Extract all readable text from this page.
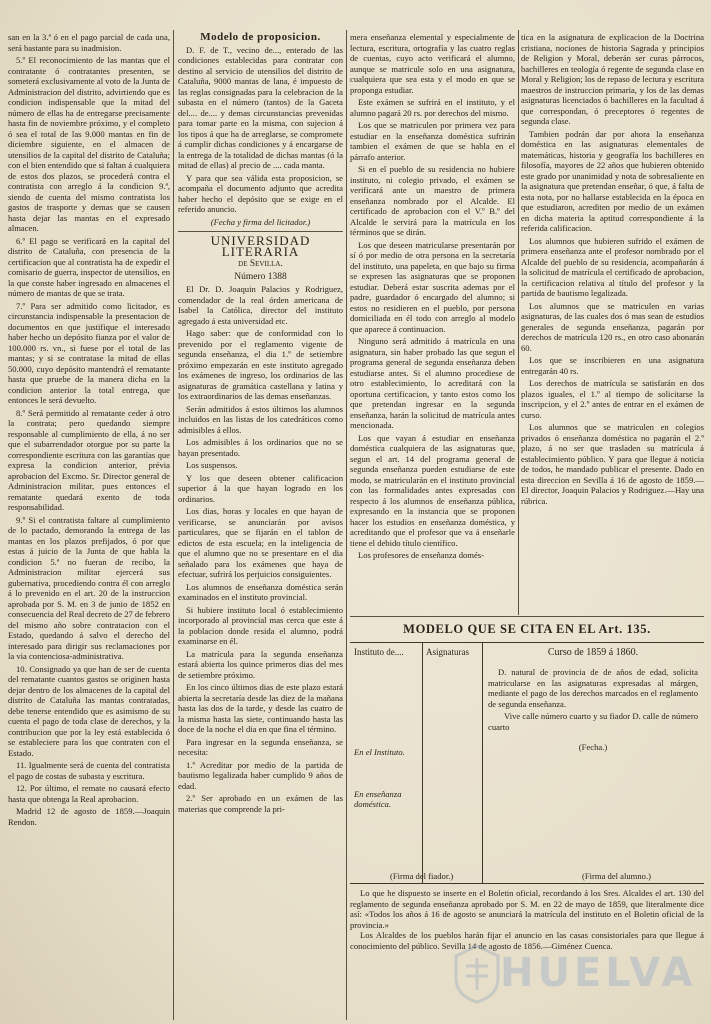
san en la 3.ª ó en el pago parcial de cada una, será bastante para su inadmision.

5.º El reconocimiento de las mantas que el contratante ó contratantes presenten, se someterá exclusivamente al voto de la Junta de Administracion del distrito, advirtiendo que es condicion indispensable que la mitad del número de ellas ha de entregarse precisamente hasta fin de noviembre próximo, y el completo ó sea el total de las 9.000 mantas en fin de diciembre siguiente, en el almacen de utensilios de la capital del distrito de Cataluña; con el bien entendido que si faltan á cualquiera de estos dos plazos, se procederá contra el contratista con arreglo á la condicion 9.ª, siendo de cuenta del mismo contratista los gastos de trasporte y demas que se causen hasta dejar las mantas en el expresado almacen.

6.º El pago se verificará en la capital del distrito de Cataluña, con presencia de la certificacion que al contratista ha de expedir el comisario de guerra, inspector de utensilios, en la que conste haber ingresado en almacenes el número de mantas de que se trata.

7.º Para ser admitido como licitador, es circunstancia indispensable la presentacion de documentos en que justifique el interesado haber hecho un depósito fianza por el valor de 100.000 rs. vn., si fuese por el total de las mantas; y si se contratase la mitad de ellas 50.000, cuyo depósito mantendrá el rematante hasta que pruebe de la manera dicha en la condicion anterior la total entrega, que entonces le será devuelto.

8.º Será permitido al rematante ceder á otro la contrata; pero quedando siempre responsable al cumplimiento de ella, á no ser que el subarrendador otorgue por su parte la correspondiente escritura con las garantías que expresa la condicion anterior, prévia aprobacion del Excmo. Sr. Director general de Administracion militar, pues entonces el rematante quedará exento de toda responsabilidad.

9.º Si el contratista faltare al cumplimiento de lo pactado, demorando la entrega de las mantas en los plazos prefijados, ó por que estas á juicio de la Junta de que habla la condicion 5.ª no fueran de recibo, la Administracion militar ejercerá sus gubernativa, procediendo contra él con arreglo á lo prevenido en el art. 20 de la instruccion aprobada por S. M. en 3 de junio de 1852 en consecuencia del Real decreto de 27 de febrero del mismo año sobre contratacion con el Estado, quedando á salvo el derecho del interesado para dirigir sus reclamaciones por la via contenciosa-administrativa.

10. Consignado ya que han de ser de cuenta del rematante cuantos gastos se originen hasta dejar dentro de los almacenes de la capital del distrito de Cataluña las mantas contratadas, debe tenerse entendido que es asimismo de su cuenta el pago de toda clase de derechos, y la contribucion que por la ley está establecida ó se estableciere para los que contraten con el Estado.

11. Igualmente será de cuenta del contratista el pago de costas de subasta y escritura.

12. Por último, el remate no causará efecto hasta que obtenga la Real aprobacion.

Madrid 12 de agosto de 1859.—Joaquin Rendon.

Modelo de proposicion.

D. F. de T., vecino de..., enterado de las condiciones establecidas para contratar con destino al servicio de utensilios del distrito de Cataluña, 9000 mantas de lana, é impuesto de las reglas consignadas para la celebracion de la subasta en el número (tantos) de la Gaceta del.... de.... y demas circunstancias prevenidas para tomar parte en la misma, con sujecion á los tipos á que ha de arreglarse, se compromete á cumplir dichas condiciones y á encargarse de la entrega de la totalidad de dichas mantas (ó la mitad de ellas) al precio de .... cada manta.

Y para que sea válida esta proposicion, se acompaña el documento adjunto que acredita haber hecho el depósito que se exige en el referido anuncio.

(Fecha y firma del licitador.)

UNIVERSIDAD LITERARIA

de Sevilla.

Número 1388

El Dr. D. Joaquin Palacios y Rodriguez, comendador de la real órden americana de Isabel la Católica, director del instituto agregado á esta universidad etc.

Hago saber: que de conformidad con lo prevenido por el reglamento vigente de segunda enseñanza, el dia 1.º de setiembre próximo empezarán en este instituto agregado los exámenes de ingreso, los ordinarios de las asignaturas de gramática castellana y latina y los extraordinarios de las demas enseñanzas.

Serán admitidos á estos últimos los alumnos incluidos en las listas de los catedráticos como admisibles á ellos.

Los admisibles á los ordinarios que no se hayan presentado.

Los suspensos.

Y los que deseen obtener calificacion superior á la que hayan logrado en los ordinarios.

Los dias, horas y locales en que hayan de verificarse, se anunciarán por avisos particulares, que se fijarán en el tablon de edictos de esta escuela; en la inteligencia de que el alumno que no se presentare en el dia señalado para los exámenes que haya de efectuar, sufrirá los perjuicios consiguientes.

Los alumnos de enseñanza doméstica serán examinados en el instituto provincial.

Si hubiere instituto local ó establecimiento incorporado al provincial mas cerca que este á la poblacion donde resida el alumno, podrá examinarse en él.

La matrícula para la segunda enseñanza estará abierta los quince primeros dias del mes de setiembre próximo.

En los cinco últimos dias de este plazo estará abierta la secretaría desde las diez de la mañana hasta las dos de la tarde, y desde las cuatro de la misma hasta las siete, continuando hasta las doce de la noche el dia en que fina el término.

Para ingresar en la segunda enseñanza, se necesita:

1.º Acreditar por medio de la partida de bautismo legalizada haber cumplido 9 años de edad.

2.º Ser aprobado en un exámen de las materias que comprende la pri-

mera enseñanza elemental y especialmente de lectura, escritura, ortografía y las cuatro reglas de cuentas, cuyo acto verificará el alumno, aunque se matricule solo en una asignatura, cualquiera que sea esta y el modo en que se proponga estudiar.

Este exámen se sufrirá en el instituto, y el alumno pagará 20 rs. por derechos del mismo.

Los que se matriculen por primera vez para estudiar en la enseñanza doméstica sufrirán tambien el exámen de que se habla en el párrafo anterior.

Si en el pueblo de su residencia no hubiere instituto, ni colegio privado, el exámen se verificará ante un maestro de primera enseñanza nombrado por el Alcalde. El certificado de aprobacion con el V.º B.º del Alcalde le servirá para la matrícula en los términos que se dirán.

Los que deseen matricularse presentarán por sí ó por medio de otra persona en la secretaría del instituto, una papeleta, en que bajo su firma se expresen las asignaturas que se proponen estudiar. Deberá estar suscrita ademas por el padre, guardador ó encargado del alumno; si estos no residieren en el pueblo, por persona domiciliada en él todo con arreglo al modelo que aparece á continuacion.

Ninguno será admitido á matrícula en una asignatura, sin haber probado las que segun el programa general de segunda enseñanza deben estudiarse antes. Si el alumno procediese de otro establecimiento, lo acreditará con la oportuna certificacion, y tanto estos como los que pretendan ingresar en la segunda enseñanza, harán la solicitud de matrícula antes mencionada.

Los que vayan á estudiar en enseñanza doméstica cualquiera de las asignaturas que, segun el art. 14 del programa general de segunda enseñanza pueden estudiarse de este modo, se matricularán en el instituto provincial con las formalidades antes expresadas con respecto á los alumnos de enseñanza pública, expresando en la instancia que se proponen hacer los estudios en enseñanza doméstica, y acreditando que el profesor que va á enseñarle tiene el debido título científico.

Los profesores de enseñanza domés-

tica en la asignatura de explicacion de la Doctrina cristiana, nociones de historia Sagrada y principios de Religion y Moral, deberán ser curas párrocos, bachilleres en teología ó regente de segunda clase en Moral y Religion; los de repaso de lectura y escritura maestros de instruccion primaria, y los de las demas asignaturas licenciados ó bachilleres en la facultad á que correspondan, ó preceptores ó regentes de segunda clase.

Tambien podrán dar por ahora la enseñanza doméstica en las asignaturas elementales de matemáticas, historia y geografía los bachilleres en filosofía, mayores de 22 años que hubieren obtenido este grado por unanimidad y nota de sobresaliente en la asignatura que pretendan enseñar, ó que, á falta de esta nota, por no hallarse establecida en la época en que estudiaron, acrediten por medio de un exámen en dicha materia la aptitud correspondiente á la referida calificacion.

Los alumnos que hubieren sufrido el exámen de primera enseñanza ante el profesor nombrado por el Alcalde del pueblo de su residencia, acompañarán á la solicitud de matrícula el certificado de aprobacion, la certificacion relativa al título del profesor y la partida de bautismo legalizada.

Los alumnos que se matriculen en varias asignaturas, de las cuales dos ó mas sean de estudios generales de segunda enseñanza, pagarán por derechos de matrícula 120 rs., en otro caso abonarán 60.

Los que se inscribieren en una asignatura entregarán 40 rs.

Los derechos de matrícula se satisfarán en dos plazos iguales, el 1.º al tiempo de solicitarse la inscripcion, y el 2.º antes de entrar en el exámen de curso.

Los alumnos que se matriculen en colegios privados ó enseñanza doméstica no pagarán el 2.º plazo, á no ser que trasladen su matrícula á establecimiento público. Y para que llegue á noticia de todos, he mandado publicar el presente. Dado en esta direccion en Sevilla á 16 de agosto de 1859.—El director, Joaquin Palacios y Rodriguez.—Hay una rúbrica.

MODELO QUE SE CITA EN EL Art. 135.
Instituto de....
En el Instituto.
En enseñanza doméstica.
Asignaturas	Curso de 1859 á 1860.
D. natural de provincia de de años de edad, solicita matricularse en las asignaturas expresadas al márgen, mediante el pago de los derechos marcados en el reglamento de segunda enseñanza.
Vive calle número cuarto y su fiador D. calle de número cuarto
(Fecha.)
(Firma del fiador.)	(Firma del alumno.)

Lo que he dispuesto se inserte en el Boletin oficial, recordando á los Sres. Alcaldes el art. 130 del reglamento de segunda enseñanza aprobado por S. M. en 22 de mayo de 1859, que literalmente dice así: «Todos los años á 16 de agosto se anunciará la matrícula del instituto en el Boletin oficial de la provincia.»

Los Alcaldes de los pueblos harán fijar el anuncio en las casas consistoriales para que llegue á conocimiento del público. Sevilla 14 de agosto de 1856.—Giménez Cuenca.

HUELVA
